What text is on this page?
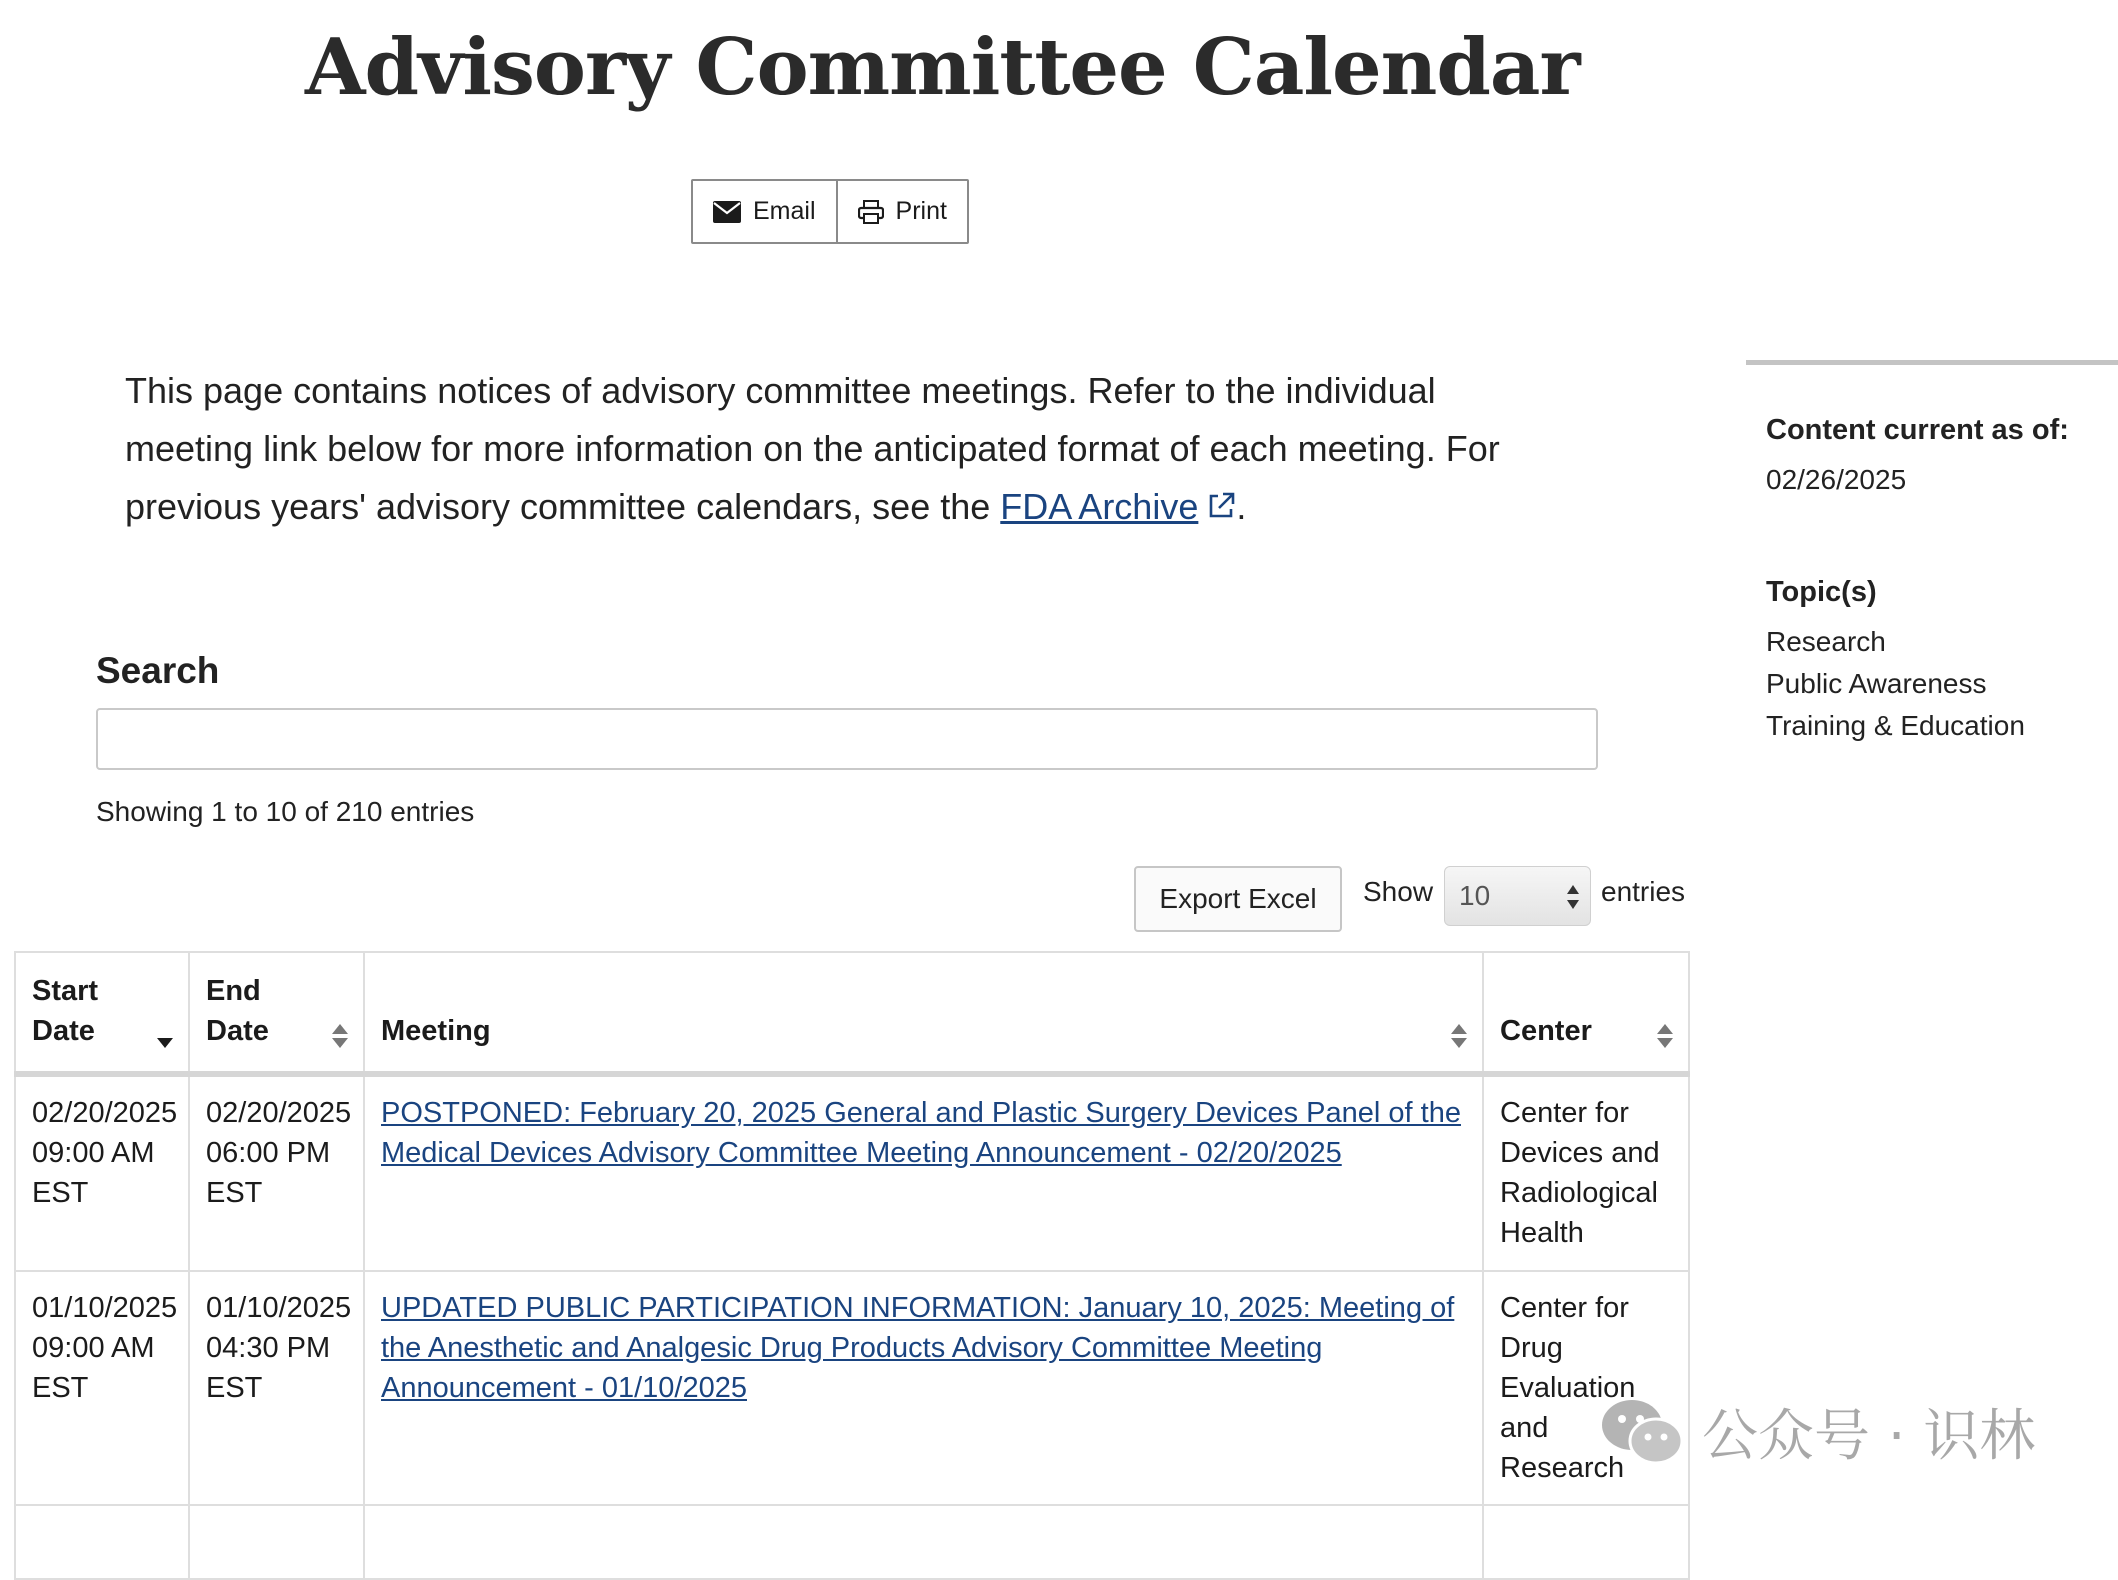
Advisory Committee Calendar
Email	Print

This page contains notices of advisory committee meetings. Refer to the individual meeting link below for more information on the anticipated format of each meeting. For previous years' advisory committee calendars, see the FDA Archive .

Search
Showing 1 to 10 of 210 entries
Export Excel	Show 10	entries
Content current as of:
02/26/2025
Topic(s)
Research
Public Awareness
Training & Education
Start Date	End Date	Meeting	Center

02/20/2025 09:00 AM EST	02/20/2025 06:00 PM EST	POSTPONED: February 20, 2025 General and Plastic Surgery Devices Panel of the Medical Devices Advisory Committee Meeting Announcement - 02/20/2025	Center for Devices and Radiological Health
01/10/2025 09:00 AM EST	01/10/2025 04:30 PM EST	UPDATED PUBLIC PARTICIPATION INFORMATION: January 10, 2025: Meeting of the Anesthetic and Analgesic Drug Products Advisory Committee Meeting Announcement - 01/10/2025	Center for Drug Evaluation and Research
			公众号 · 识林
